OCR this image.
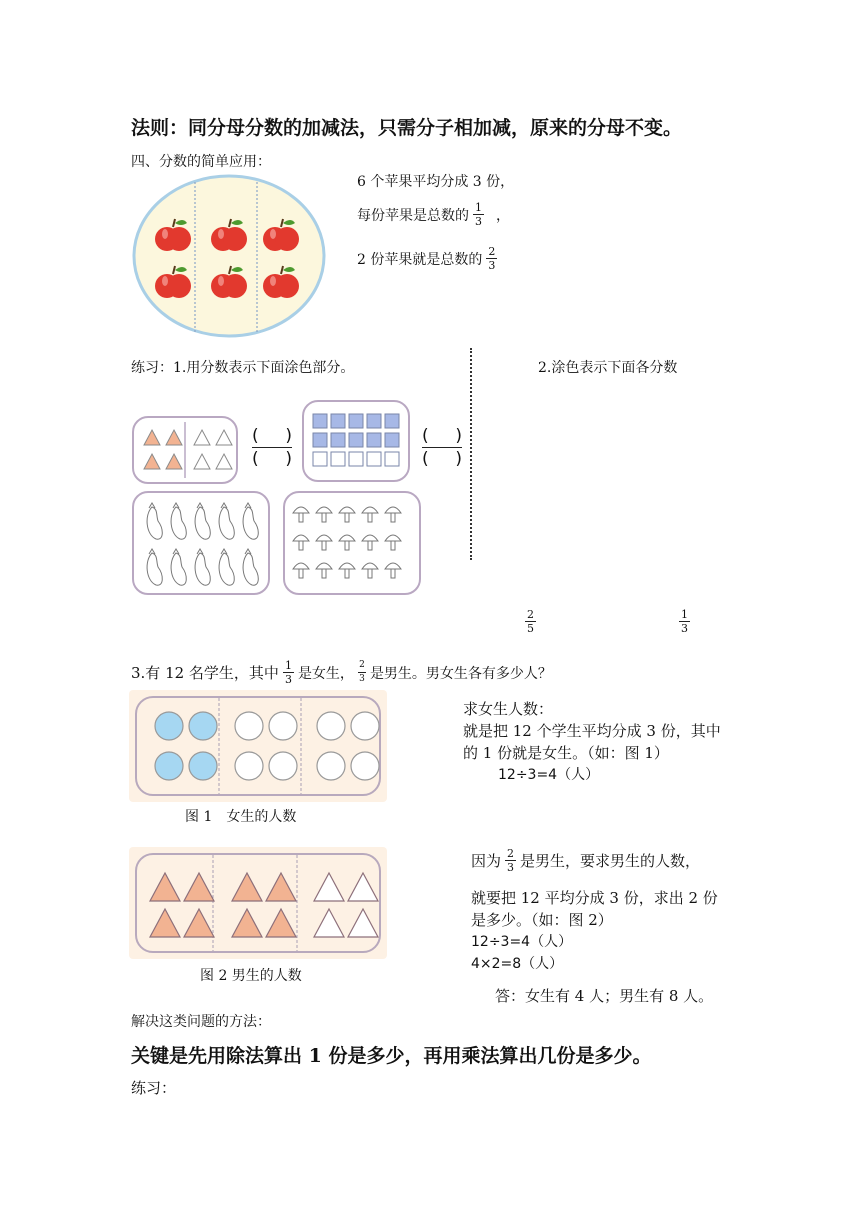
法则：同分母分数的加减法，只需分子相加减，原来的分母不变。
四、分数的简单应用：
6 个苹果平均分成 3 份，
每份苹果是总数的 $\frac{1}{3}$ ，
2 份苹果就是总数的 $\frac{2}{3}$
练习：1.用分数表示下面涂色部分。	2.涂色表示下面各分数
( )
( )
( )
( )
$\frac{2}{5}$	$\frac{1}{3}$
3.有 12 名学生，其中 $\frac{1}{3}$ 是女生， $\frac{2}{3}$ 是男生。男女生各有多少人？
图 1　女生的人数
求女生人数：
就是把 12 个学生平均分成 3 份，其中
的 1 份就是女生。（如：图 1）
12÷3=4（人）
图 2 男生的人数
因为 $\frac{2}{3}$ 是男生，要求男生的人数，
就要把 12 平均分成 3 份，求出 2 份
是多少。（如：图 2）
12÷3=4（人）
4×2=8（人）
答：女生有 4 人；男生有 8 人。
解决这类问题的方法：
关键是先用除法算出 1 份是多少，再用乘法算出几份是多少。
练习：
